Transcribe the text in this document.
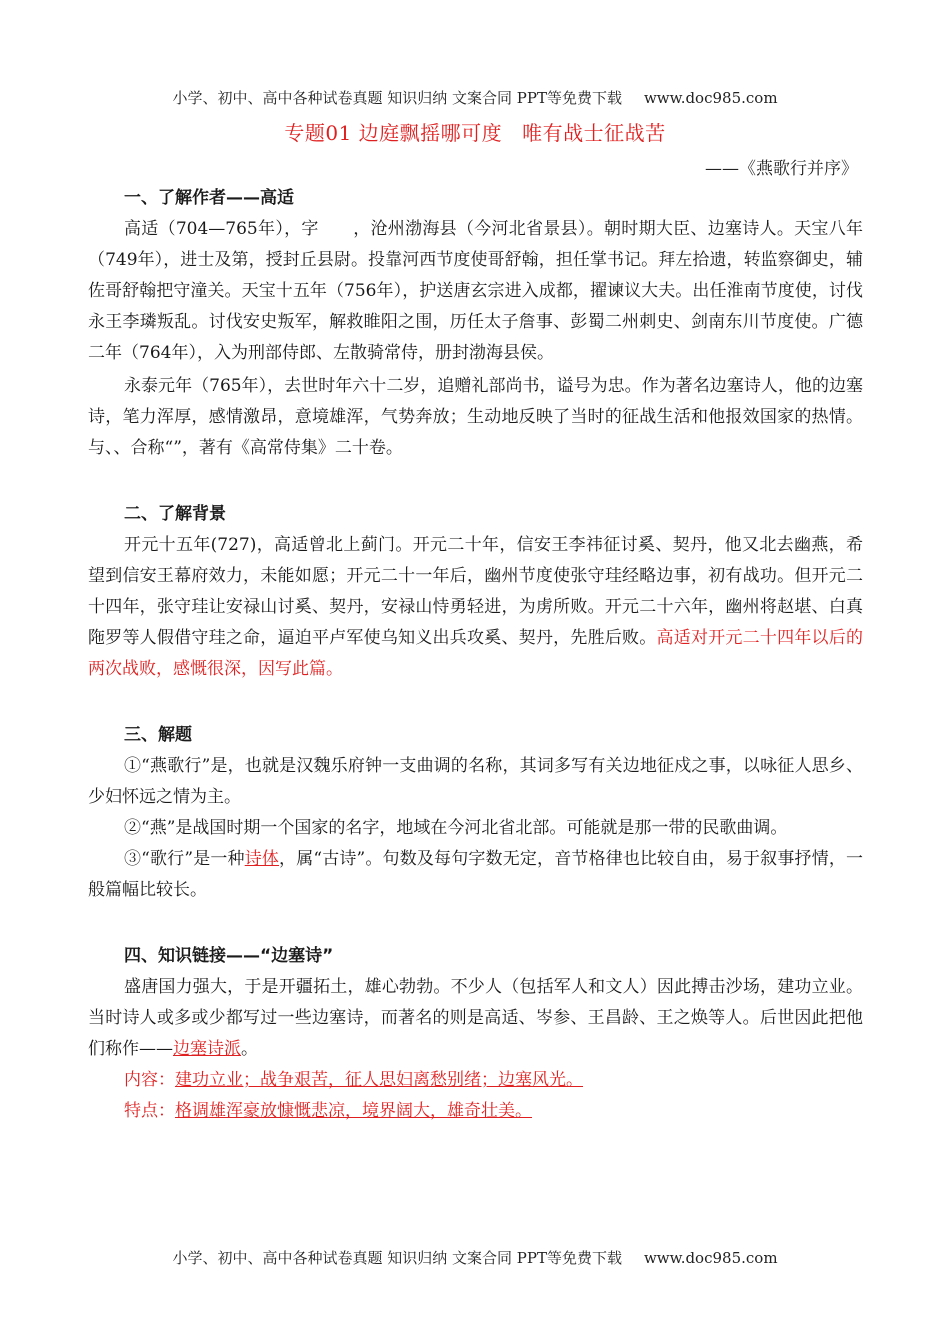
小学、初中、高中各种试卷真题 知识归纳 文案合同 PPT等免费下载 www.doc985.com
专题01 边庭飘摇哪可度 唯有战士征战苦
——《燕歌行并序》
一、了解作者——高适

高适（704—765年），字　　，沧州渤海县（今河北省景县）。朝时期大臣、边塞诗人。天宝八年（749年），进士及第，授封丘县尉。投靠河西节度使哥舒翰，担任掌书记。拜左拾遗，转监察御史，辅佐哥舒翰把守潼关。天宝十五年（756年），护送唐玄宗进入成都，擢谏议大夫。出任淮南节度使，讨伐永王李璘叛乱。讨伐安史叛军，解救睢阳之围，历任太子詹事、彭蜀二州刺史、剑南东川节度使。广德二年（764年），入为刑部侍郎、左散骑常侍，册封渤海县侯。

永泰元年（765年），去世时年六十二岁，追赠礼部尚书，谥号为忠。作为著名边塞诗人，他的边塞诗，笔力浑厚，感情激昂，意境雄浑，气势奔放；生动地反映了当时的征战生活和他报效国家的热情。与、、合称“”，著有《高常侍集》二十卷。

二、了解背景

开元十五年(727)，高适曾北上蓟门。开元二十年，信安王李祎征讨奚、契丹，他又北去幽燕，希望到信安王幕府效力，未能如愿；开元二十一年后，幽州节度使张守珪经略边事，初有战功。但开元二十四年，张守珪让安禄山讨奚、契丹，安禄山恃勇轻进，为虏所败。开元二十六年，幽州将赵堪、白真陁罗等人假借守珪之命，逼迫平卢军使乌知义出兵攻奚、契丹，先胜后败。高适对开元二十四年以后的两次战败，感慨很深，因写此篇。

三、解题

①“燕歌行”是，也就是汉魏乐府钟一支曲调的名称，其词多写有关边地征戍之事，以咏征人思乡、少妇怀远之情为主。

②“燕”是战国时期一个国家的名字，地域在今河北省北部。可能就是那一带的民歌曲调。

③“歌行”是一种诗体，属“古诗”。句数及每句字数无定，音节格律也比较自由，易于叙事抒情，一般篇幅比较长。

四、知识链接——“边塞诗”

盛唐国力强大，于是开疆拓土，雄心勃勃。不少人（包括军人和文人）因此搏击沙场，建功立业。当时诗人或多或少都写过一些边塞诗，而著名的则是高适、岑参、王昌龄、王之焕等人。后世因此把他们称作——边塞诗派。

内容：建功立业；战争艰苦，征人思妇离愁别绪；边塞风光。

特点：格调雄浑豪放慷慨悲凉，境界阔大，雄奇壮美。

小学、初中、高中各种试卷真题 知识归纳 文案合同 PPT等免费下载 www.doc985.com
